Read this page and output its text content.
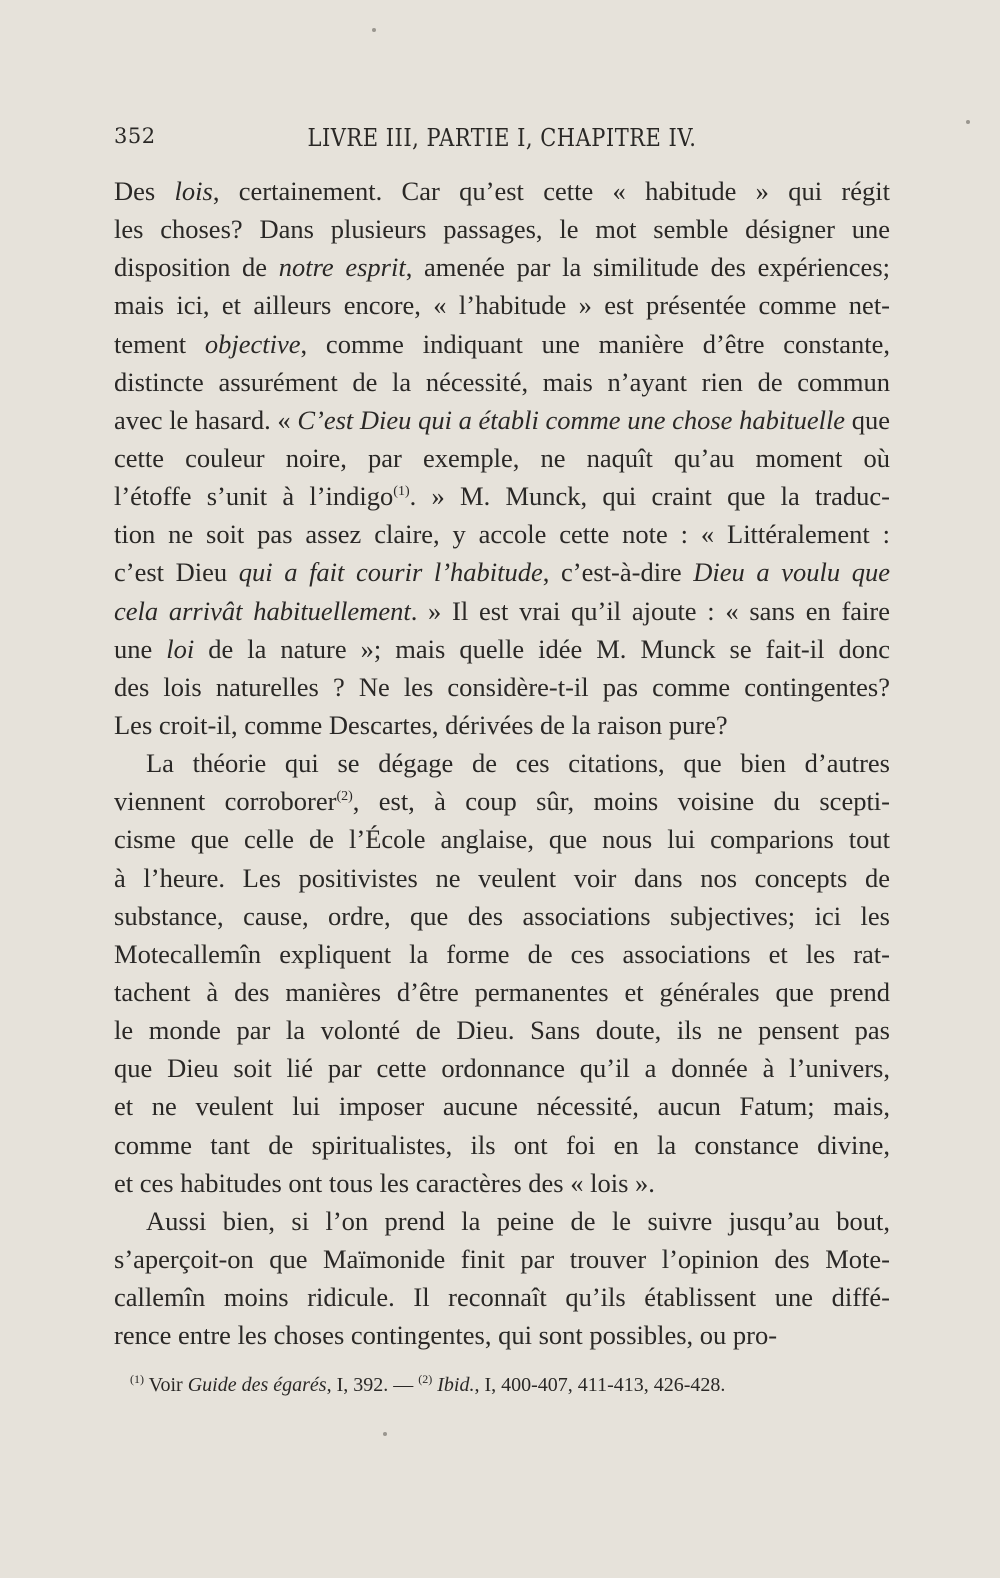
352	LIVRE III, PARTIE I, CHAPITRE IV.
Des lois, certainement. Car qu’est cette « habitude » qui régit
les choses? Dans plusieurs passages, le mot semble désigner une
disposition de notre esprit, amenée par la similitude des expériences;
mais ici, et ailleurs encore, « l’habitude » est présentée comme net-
tement objective, comme indiquant une manière d’être constante,
distincte assurément de la nécessité, mais n’ayant rien de commun
avec le hasard. « C’est Dieu qui a établi comme une chose habituelle que
cette couleur noire, par exemple, ne naquît qu’au moment où
l’étoffe s’unit à l’indigo$^{(1)}$. » M. Munck, qui craint que la traduc-
tion ne soit pas assez claire, y accole cette note : « Littéralement :
c’est Dieu qui a fait courir l’habitude, c’est-à-dire Dieu a voulu que
cela arrivât habituellement. » Il est vrai qu’il ajoute : « sans en faire
une loi de la nature »; mais quelle idée M. Munck se fait-il donc
des lois naturelles ? Ne les considère-t-il pas comme contingentes?
Les croit-il, comme Descartes, dérivées de la raison pure?
La théorie qui se dégage de ces citations, que bien d’autres
viennent corroborer$^{(2)}$, est, à coup sûr, moins voisine du scepti-
cisme que celle de l’École anglaise, que nous lui comparions tout
à l’heure. Les positivistes ne veulent voir dans nos concepts de
substance, cause, ordre, que des associations subjectives; ici les
Motecallemîn expliquent la forme de ces associations et les rat-
tachent à des manières d’être permanentes et générales que prend
le monde par la volonté de Dieu. Sans doute, ils ne pensent pas
que Dieu soit lié par cette ordonnance qu’il a donnée à l’univers,
et ne veulent lui imposer aucune nécessité, aucun Fatum; mais,
comme tant de spiritualistes, ils ont foi en la constance divine,
et ces habitudes ont tous les caractères des « lois ».
Aussi bien, si l’on prend la peine de le suivre jusqu’au bout,
s’aperçoit-on que Maïmonide finit par trouver l’opinion des Mote-
callemîn moins ridicule. Il reconnaît qu’ils établissent une diffé-
rence entre les choses contingentes, qui sont possibles, ou pro-
$^{(1)}$ Voir Guide des égarés, I, 392. — $^{(2)}$ Ibid., I, 400-407, 411-413, 426-428.
